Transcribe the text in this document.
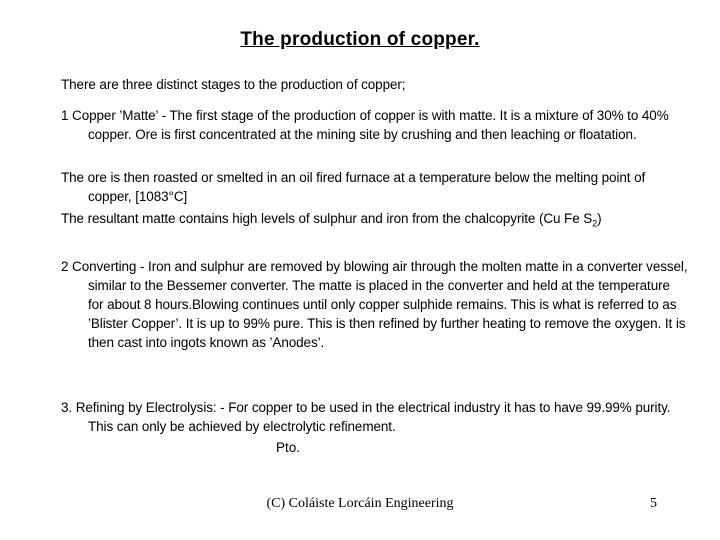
The production of copper.

There are three distinct stages to the production of copper;

1 Copper ’Matte’ - The first stage of the production of copper is with matte. It is a mixture of 30% to 40% copper. Ore is first concentrated at the mining site by crushing and then leaching or floatation.

The ore is then roasted or smelted in an oil fired furnace at a temperature below the melting point of copper, [1083°C]

The resultant matte contains high levels of sulphur and iron from the chalcopyrite (Cu Fe $S_2$)

2 Converting - Iron and sulphur are removed by blowing air through the molten matte in a converter vessel, similar to the Bessemer converter. The matte is placed in the converter and held at the temperature for about 8 hours.Blowing continues until only copper sulphide remains. This is what is referred to as ’Blister Copper’. It is up to 99% pure. This is then refined by further heating to remove the oxygen. It is then cast into ingots known as ’Anodes’.

3. Refining by Electrolysis: - For copper to be used in the electrical industry it has to have 99.99% purity. This can only be achieved by electrolytic refinement.

Pto.
(C) Coláiste Lorcáin Engineering	5
